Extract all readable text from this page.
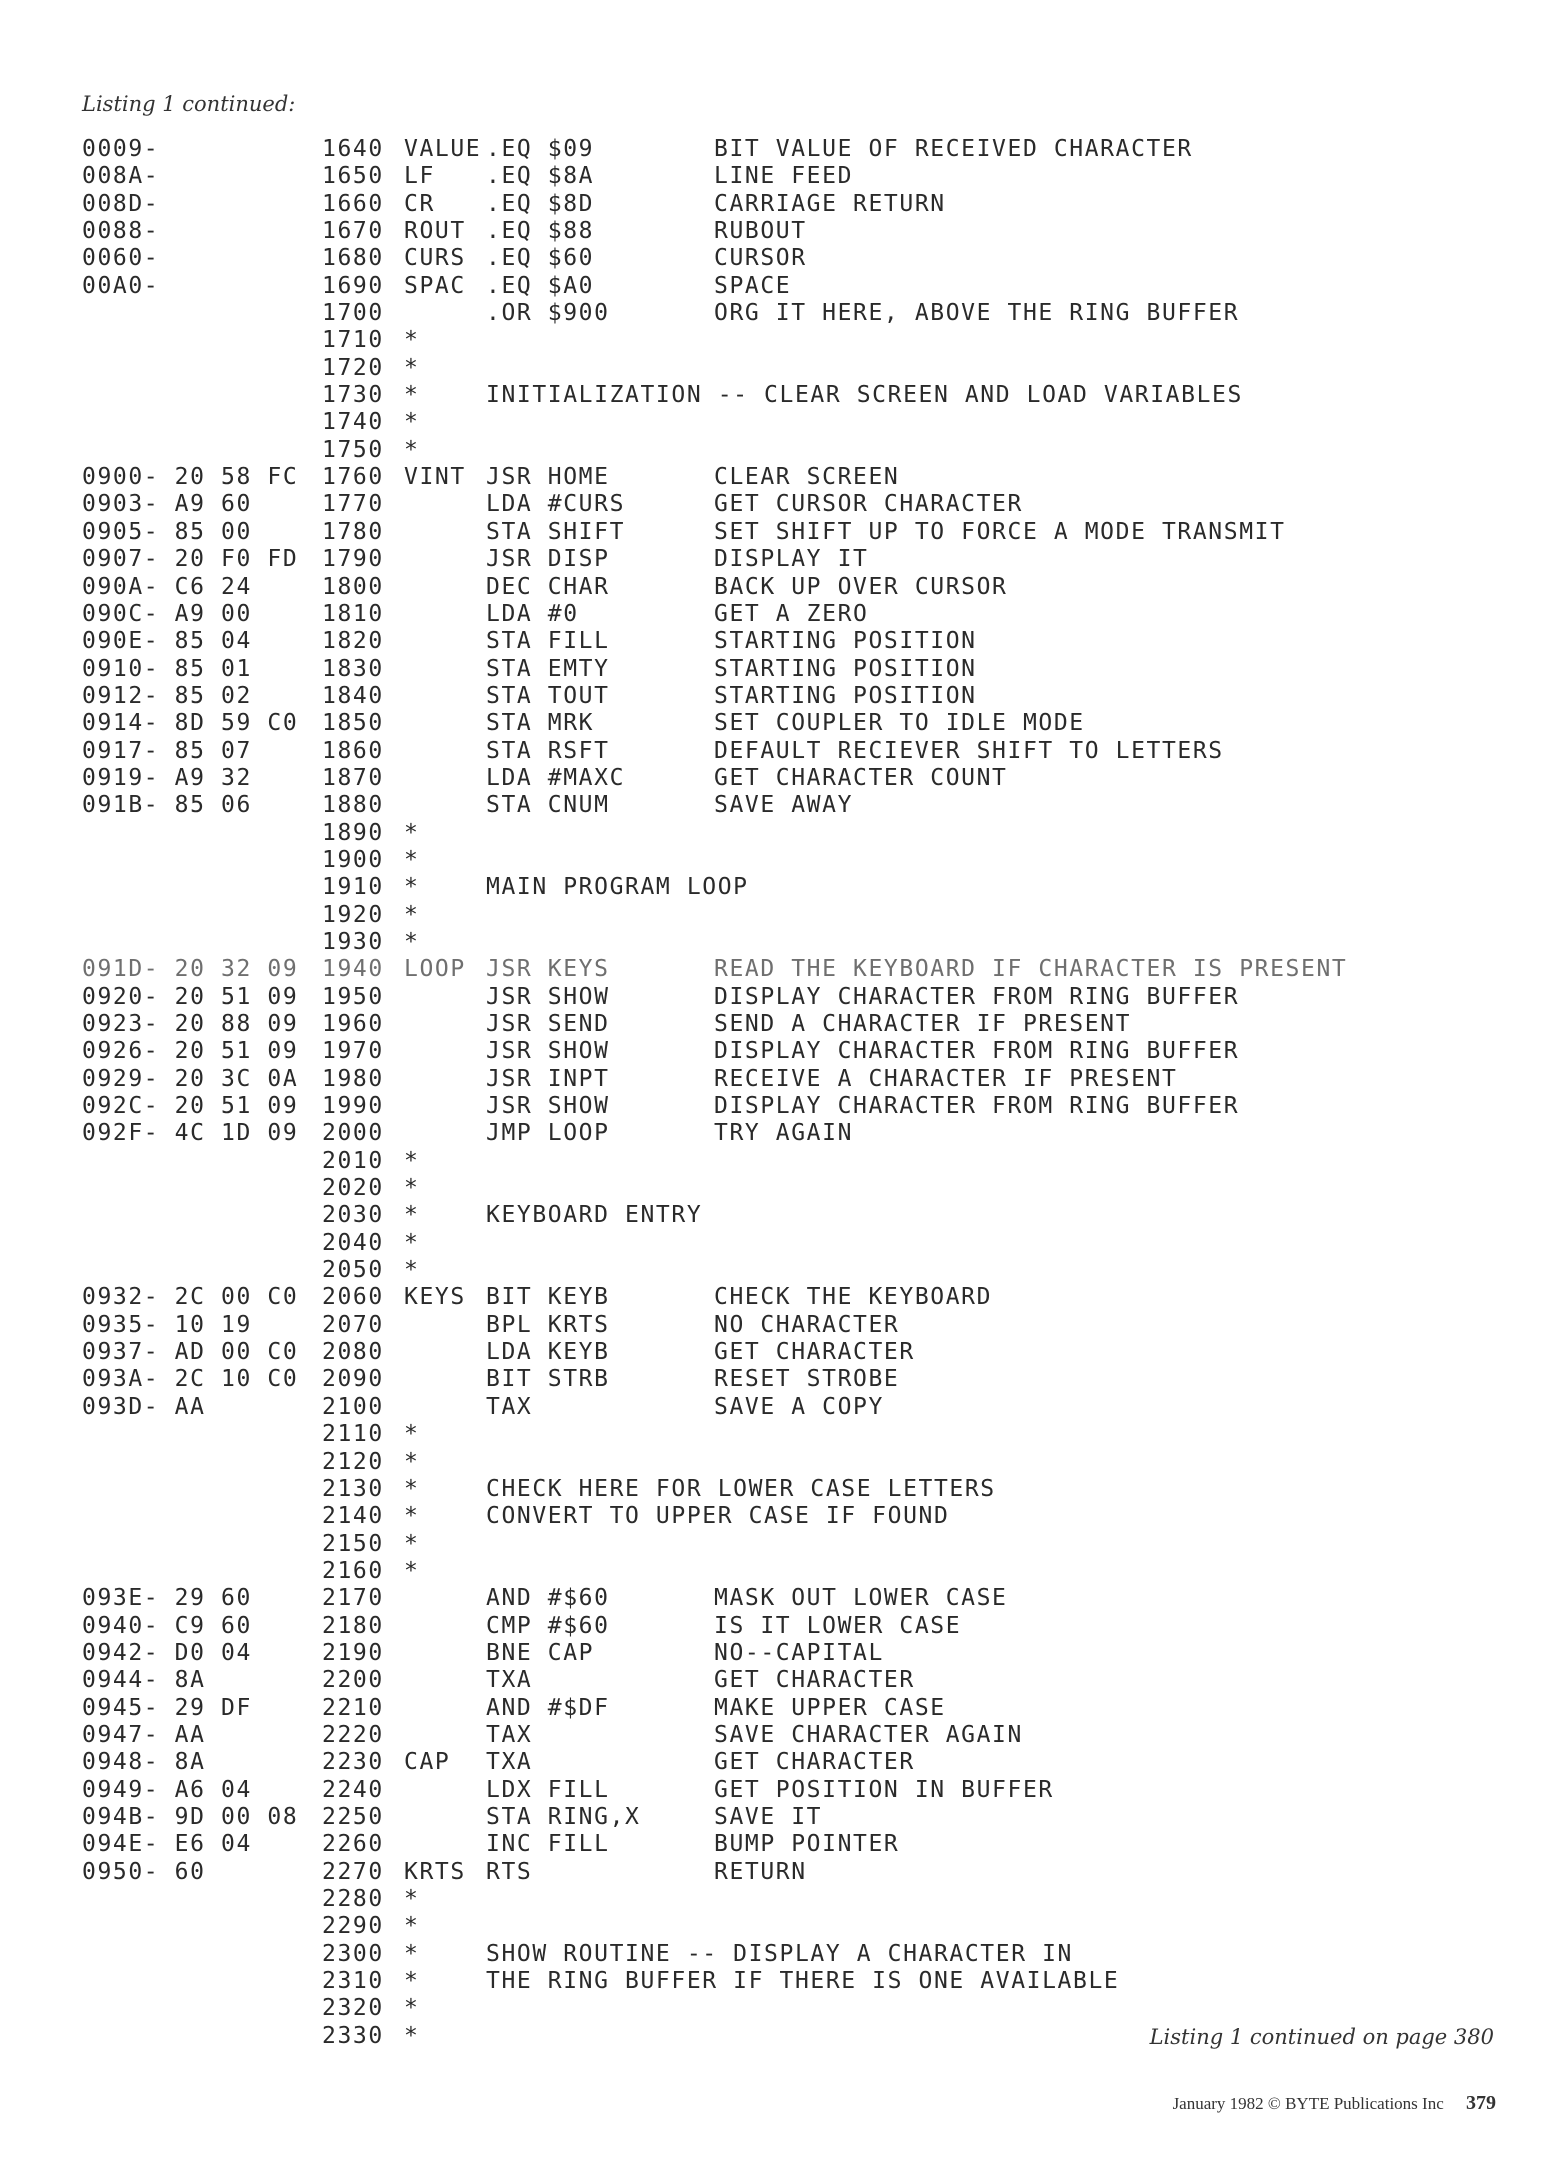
Listing 1 continued:
0009-	1640 VALUE .EQ $09	BIT VALUE OF RECEIVED CHARACTER
008A-	1650 LF .EQ $8A	LINE FEED
008D-	1660 CR .EQ $8D	CARRIAGE RETURN
0088-	1670 ROUT .EQ $88	RUBOUT
0060-	1680 CURS .EQ $60	CURSOR
00A0-	1690 SPAC .EQ $A0	SPACE
1700	.OR $900	ORG IT HERE, ABOVE THE RING BUFFER
1710 *
1720 *
1730 *	INITIALIZATION -- CLEAR SCREEN AND LOAD VARIABLES
1740 *
1750 *
0900- 20 58 FC 1760 VINT JSR HOME	CLEAR SCREEN
0903- A9 60	1770	LDA #CURS	GET CURSOR CHARACTER
0905- 85 00	1780	STA SHIFT	SET SHIFT UP TO FORCE A MODE TRANSMIT
0907- 20 F0 FD 1790	JSR DISP	DISPLAY IT
090A- C6 24	1800	DEC CHAR	BACK UP OVER CURSOR
090C- A9 00	1810	LDA #0	GET A ZERO
090E- 85 04	1820	STA FILL	STARTING POSITION
0910- 85 01	1830	STA EMTY	STARTING POSITION
0912- 85 02	1840	STA TOUT	STARTING POSITION
0914- 8D 59 C0 1850	STA MRK	SET COUPLER TO IDLE MODE
0917- 85 07	1860	STA RSFT	DEFAULT RECIEVER SHIFT TO LETTERS
0919- A9 32	1870	LDA #MAXC	GET CHARACTER COUNT
091B- 85 06	1880	STA CNUM	SAVE AWAY
1890 *
1900 *
1910 *	MAIN PROGRAM LOOP
1920 *
1930 *
091D- 20 32 09 1940 LOOP JSR KEYS	READ THE KEYBOARD IF CHARACTER IS PRESENT
0920- 20 51 09 1950	JSR SHOW	DISPLAY CHARACTER FROM RING BUFFER
0923- 20 88 09 1960	JSR SEND	SEND A CHARACTER IF PRESENT
0926- 20 51 09 1970	JSR SHOW	DISPLAY CHARACTER FROM RING BUFFER
0929- 20 3C 0A 1980	JSR INPT	RECEIVE A CHARACTER IF PRESENT
092C- 20 51 09 1990	JSR SHOW	DISPLAY CHARACTER FROM RING BUFFER
092F- 4C 1D 09 2000	JMP LOOP	TRY AGAIN
2010 *
2020 *
2030 *	KEYBOARD ENTRY
2040 *
2050 *
0932- 2C 00 C0 2060 KEYS BIT KEYB	CHECK THE KEYBOARD
0935- 10 19	2070	BPL KRTS	NO CHARACTER
0937- AD 00 C0 2080	LDA KEYB	GET CHARACTER
093A- 2C 10 C0 2090	BIT STRB	RESET STROBE
093D- AA	2100	TAX	SAVE A COPY
2110 *
2120 *
2130 *	CHECK HERE FOR LOWER CASE LETTERS
2140 *	CONVERT TO UPPER CASE IF FOUND
2150 *
2160 *
093E- 29 60	2170	AND #$60	MASK OUT LOWER CASE
0940- C9 60	2180	CMP #$60	IS IT LOWER CASE
0942- D0 04	2190	BNE CAP	NO--CAPITAL
0944- 8A	2200	TXA	GET CHARACTER
0945- 29 DF	2210	AND #$DF	MAKE UPPER CASE
0947- AA	2220	TAX	SAVE CHARACTER AGAIN
0948- 8A	2230 CAP TXA	GET CHARACTER
0949- A6 04	2240	LDX FILL	GET POSITION IN BUFFER
094B- 9D 00 08 2250	STA RING,X	SAVE IT
094E- E6 04	2260	INC FILL	BUMP POINTER
0950- 60	2270 KRTS RTS	RETURN
2280 *
2290 *
2300 *	SHOW ROUTINE -- DISPLAY A CHARACTER IN
2310 *	THE RING BUFFER IF THERE IS ONE AVAILABLE
2320 *
2330 *	Listing 1 continued on page 380
January 1982 © BYTE Publications Inc 379
